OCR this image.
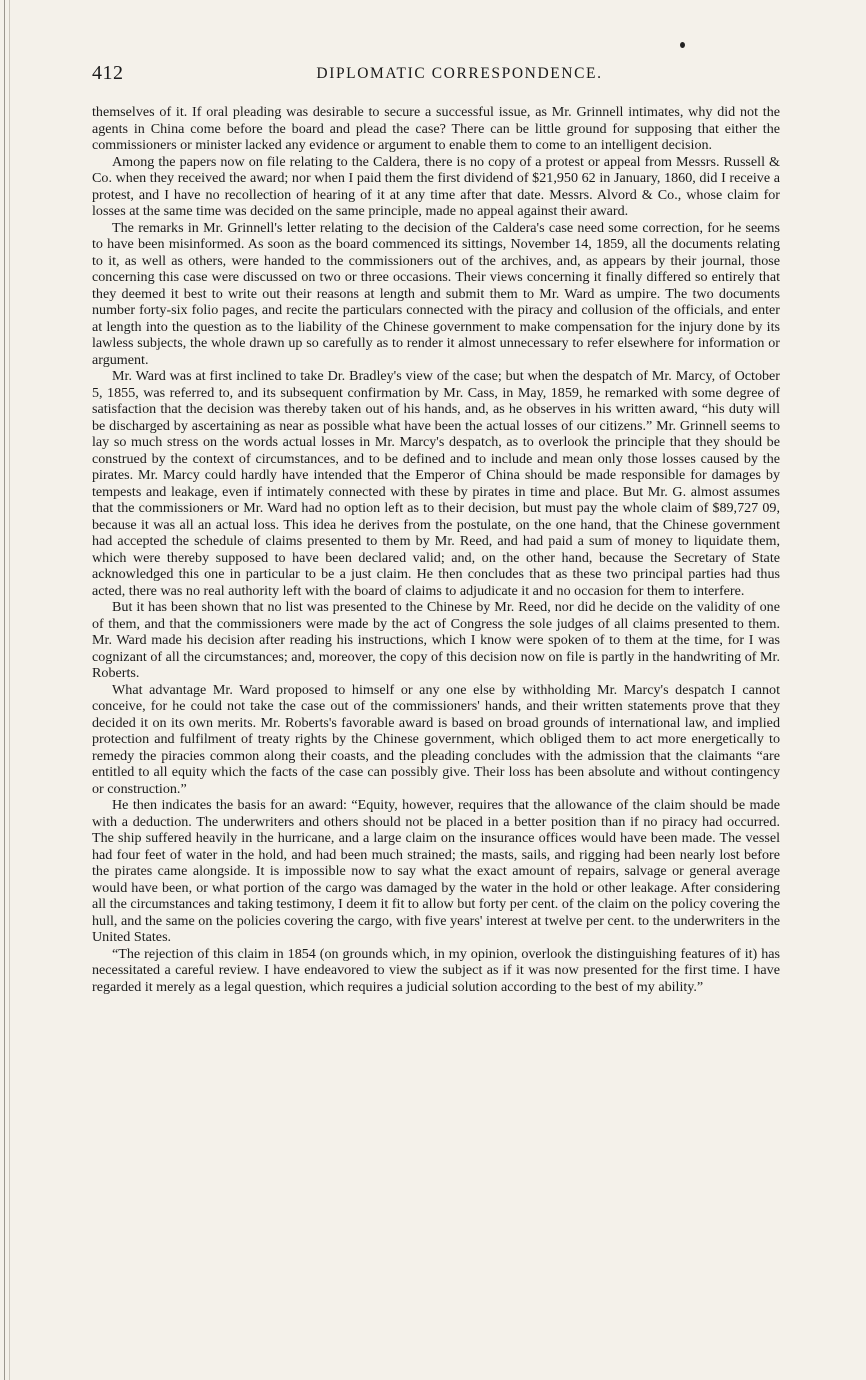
412	DIPLOMATIC CORRESPONDENCE.

themselves of it. If oral pleading was desirable to secure a successful issue, as Mr. Grinnell intimates, why did not the agents in China come before the board and plead the case? There can be little ground for supposing that either the commissioners or minister lacked any evidence or argument to enable them to come to an intelligent decision.

Among the papers now on file relating to the Caldera, there is no copy of a protest or appeal from Messrs. Russell & Co. when they received the award; nor when I paid them the first dividend of $21,950 62 in January, 1860, did I receive a protest, and I have no recollection of hearing of it at any time after that date. Messrs. Alvord & Co., whose claim for losses at the same time was decided on the same principle, made no appeal against their award.

The remarks in Mr. Grinnell's letter relating to the decision of the Caldera's case need some correction, for he seems to have been misinformed. As soon as the board commenced its sittings, November 14, 1859, all the documents relating to it, as well as others, were handed to the commissioners out of the archives, and, as appears by their journal, those concerning this case were discussed on two or three occasions. Their views concerning it finally differed so entirely that they deemed it best to write out their reasons at length and submit them to Mr. Ward as umpire. The two documents number forty-six folio pages, and recite the particulars connected with the piracy and collusion of the officials, and enter at length into the question as to the liability of the Chinese government to make compensation for the injury done by its lawless subjects, the whole drawn up so carefully as to render it almost unnecessary to refer elsewhere for information or argument.

Mr. Ward was at first inclined to take Dr. Bradley's view of the case; but when the despatch of Mr. Marcy, of October 5, 1855, was referred to, and its subsequent confirmation by Mr. Cass, in May, 1859, he remarked with some degree of satisfaction that the decision was thereby taken out of his hands, and, as he observes in his written award, “his duty will be discharged by ascertaining as near as possible what have been the actual losses of our citizens.” Mr. Grinnell seems to lay so much stress on the words actual losses in Mr. Marcy's despatch, as to overlook the principle that they should be construed by the context of circumstances, and to be defined and to include and mean only those losses caused by the pirates. Mr. Marcy could hardly have intended that the Emperor of China should be made responsible for damages by tempests and leakage, even if intimately connected with these by pirates in time and place. But Mr. G. almost assumes that the commissioners or Mr. Ward had no option left as to their decision, but must pay the whole claim of $89,727 09, because it was all an actual loss. This idea he derives from the postulate, on the one hand, that the Chinese government had accepted the schedule of claims presented to them by Mr. Reed, and had paid a sum of money to liquidate them, which were thereby supposed to have been declared valid; and, on the other hand, because the Secretary of State acknowledged this one in particular to be a just claim. He then concludes that as these two principal parties had thus acted, there was no real authority left with the board of claims to adjudicate it and no occasion for them to interfere.

But it has been shown that no list was presented to the Chinese by Mr. Reed, nor did he decide on the validity of one of them, and that the commissioners were made by the act of Congress the sole judges of all claims presented to them. Mr. Ward made his decision after reading his instructions, which I know were spoken of to them at the time, for I was cognizant of all the circumstances; and, moreover, the copy of this decision now on file is partly in the handwriting of Mr. Roberts.

What advantage Mr. Ward proposed to himself or any one else by withholding Mr. Marcy's despatch I cannot conceive, for he could not take the case out of the commissioners' hands, and their written statements prove that they decided it on its own merits. Mr. Roberts's favorable award is based on broad grounds of international law, and implied protection and fulfilment of treaty rights by the Chinese government, which obliged them to act more energetically to remedy the piracies common along their coasts, and the pleading concludes with the admission that the claimants “are entitled to all equity which the facts of the case can possibly give. Their loss has been absolute and without contingency or construction.”

He then indicates the basis for an award: “Equity, however, requires that the allowance of the claim should be made with a deduction. The underwriters and others should not be placed in a better position than if no piracy had occurred. The ship suffered heavily in the hurricane, and a large claim on the insurance offices would have been made. The vessel had four feet of water in the hold, and had been much strained; the masts, sails, and rigging had been nearly lost before the pirates came alongside. It is impossible now to say what the exact amount of repairs, salvage or general average would have been, or what portion of the cargo was damaged by the water in the hold or other leakage. After considering all the circumstances and taking testimony, I deem it fit to allow but forty per cent. of the claim on the policy covering the hull, and the same on the policies covering the cargo, with five years' interest at twelve per cent. to the underwriters in the United States.

“The rejection of this claim in 1854 (on grounds which, in my opinion, overlook the distinguishing features of it) has necessitated a careful review. I have endeavored to view the subject as if it was now presented for the first time. I have regarded it merely as a legal question, which requires a judicial solution according to the best of my ability.”
